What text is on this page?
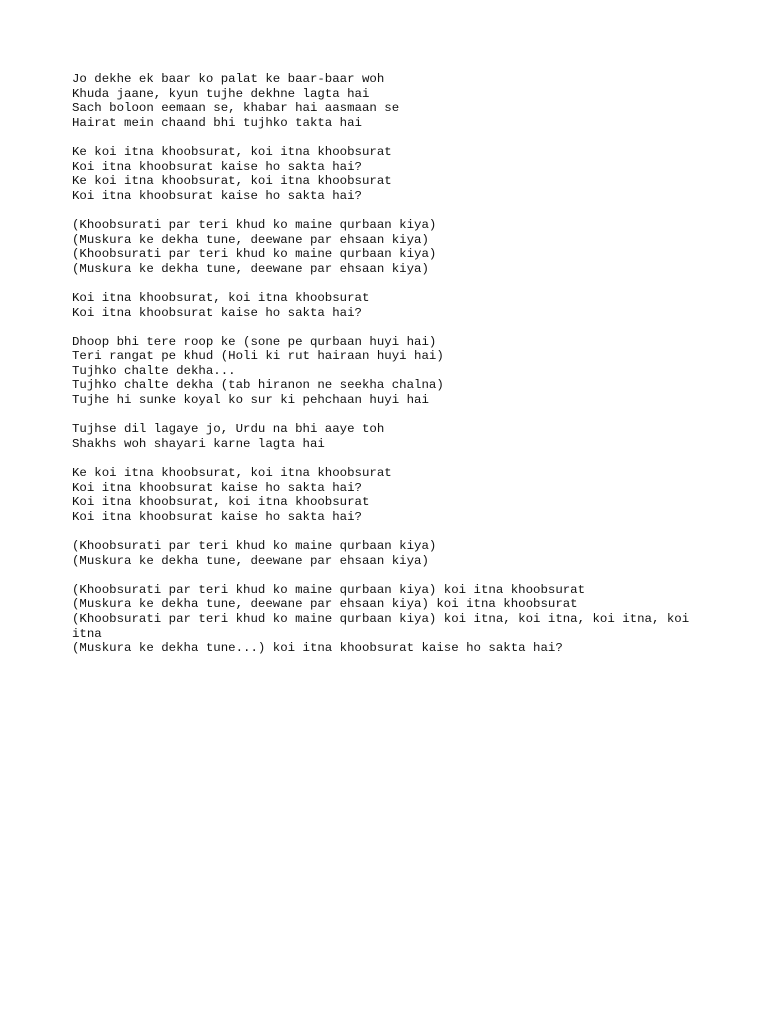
Jo dekhe ek baar ko palat ke baar-baar woh
Khuda jaane, kyun tujhe dekhne lagta hai
Sach boloon eemaan se, khabar hai aasmaan se
Hairat mein chaand bhi tujhko takta hai
Ke koi itna khoobsurat, koi itna khoobsurat
Koi itna khoobsurat kaise ho sakta hai?
Ke koi itna khoobsurat, koi itna khoobsurat
Koi itna khoobsurat kaise ho sakta hai?
(Khoobsurati par teri khud ko maine qurbaan kiya)
(Muskura ke dekha tune, deewane par ehsaan kiya)
(Khoobsurati par teri khud ko maine qurbaan kiya)
(Muskura ke dekha tune, deewane par ehsaan kiya)
Koi itna khoobsurat, koi itna khoobsurat
Koi itna khoobsurat kaise ho sakta hai?
Dhoop bhi tere roop ke (sone pe qurbaan huyi hai)
Teri rangat pe khud (Holi ki rut hairaan huyi hai)
Tujhko chalte dekha...
Tujhko chalte dekha (tab hiranon ne seekha chalna)
Tujhe hi sunke koyal ko sur ki pehchaan huyi hai
Tujhse dil lagaye jo, Urdu na bhi aaye toh
Shakhs woh shayari karne lagta hai
Ke koi itna khoobsurat, koi itna khoobsurat
Koi itna khoobsurat kaise ho sakta hai?
Koi itna khoobsurat, koi itna khoobsurat
Koi itna khoobsurat kaise ho sakta hai?
(Khoobsurati par teri khud ko maine qurbaan kiya)
(Muskura ke dekha tune, deewane par ehsaan kiya)
(Khoobsurati par teri khud ko maine qurbaan kiya) koi itna khoobsurat
(Muskura ke dekha tune, deewane par ehsaan kiya) koi itna khoobsurat
(Khoobsurati par teri khud ko maine qurbaan kiya) koi itna, koi itna, koi itna, koi
itna
(Muskura ke dekha tune...) koi itna khoobsurat kaise ho sakta hai?
